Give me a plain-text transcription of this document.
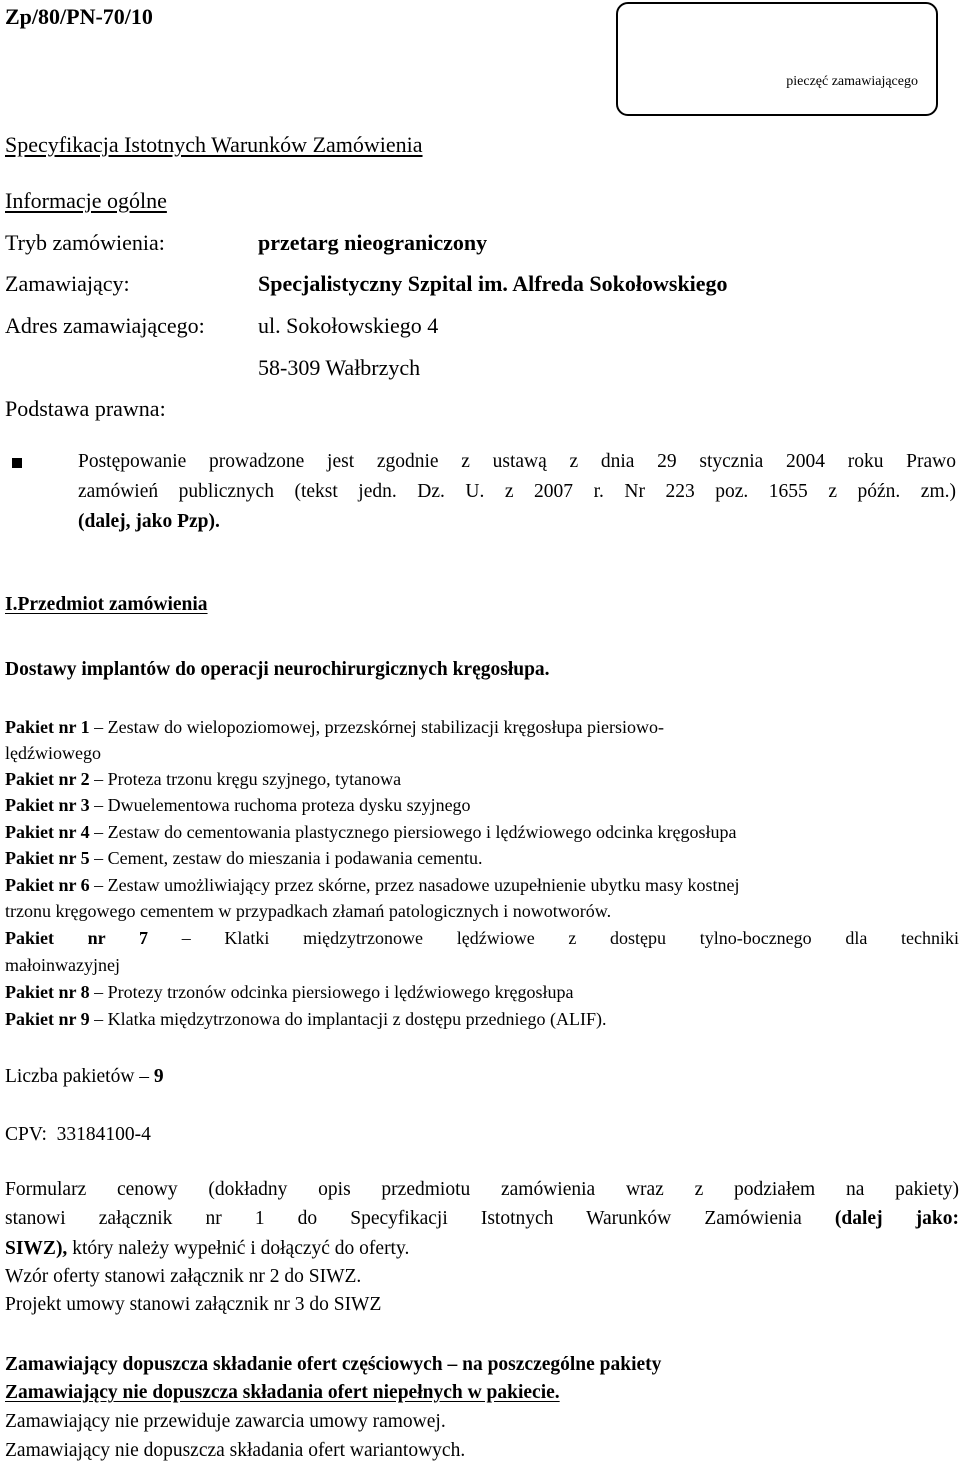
Zp/80/PN-70/10
pieczęć zamawiającego
Specyfikacja Istotnych Warunków Zamówienia
Informacje ogólne
Tryb zamówienia:	przetarg nieograniczony
Zamawiający:	Specjalistyczny Szpital im. Alfreda Sokołowskiego
Adres zamawiającego: ul. Sokołowskiego 4
58-309 Wałbrzych
Podstawa prawna:
Postępowanie prowadzone jest zgodnie z ustawą z dnia 29 stycznia 2004 roku Prawo
zamówień publicznych (tekst jedn. Dz. U. z 2007 r. Nr 223 poz. 1655 z późn. zm.)
(dalej, jako Pzp).
I.Przedmiot zamówienia
Dostawy implantów do operacji neurochirurgicznych kręgosłupa.
Pakiet nr 1 – Zestaw do wielopoziomowej, przezskórnej stabilizacji kręgosłupa piersiowo-
lędźwiowego
Pakiet nr 2 – Proteza trzonu kręgu szyjnego, tytanowa
Pakiet nr 3 – Dwuelementowa ruchoma proteza dysku szyjnego
Pakiet nr 4 – Zestaw do cementowania plastycznego piersiowego i lędźwiowego odcinka kręgosłupa
Pakiet nr 5 – Cement, zestaw do mieszania i podawania cementu.
Pakiet nr 6 – Zestaw umożliwiający przez skórne, przez nasadowe uzupełnienie ubytku masy kostnej
trzonu kręgowego cementem w przypadkach złamań patologicznych i nowotworów.
Pakiet nr 7 – Klatki międzytrzonowe lędźwiowe z dostępu tylno-bocznego dla techniki
małoinwazyjnej
Pakiet nr 8 – Protezy trzonów odcinka piersiowego i lędźwiowego kręgosłupa
Pakiet nr 9 – Klatka międzytrzonowa do implantacji z dostępu przedniego (ALIF).
Liczba pakietów – 9
CPV: 33184100-4
Formularz cenowy (dokładny opis przedmiotu zamówienia wraz z podziałem na pakiety)
stanowi załącznik nr 1 do Specyfikacji Istotnych Warunków Zamówienia (dalej jako:
SIWZ), który należy wypełnić i dołączyć do oferty.
Wzór oferty stanowi załącznik nr 2 do SIWZ.
Projekt umowy stanowi załącznik nr 3 do SIWZ
Zamawiający dopuszcza składanie ofert częściowych – na poszczególne pakiety
Zamawiający nie dopuszcza składania ofert niepełnych w pakiecie.
Zamawiający nie przewiduje zawarcia umowy ramowej.
Zamawiający nie dopuszcza składania ofert wariantowych.
